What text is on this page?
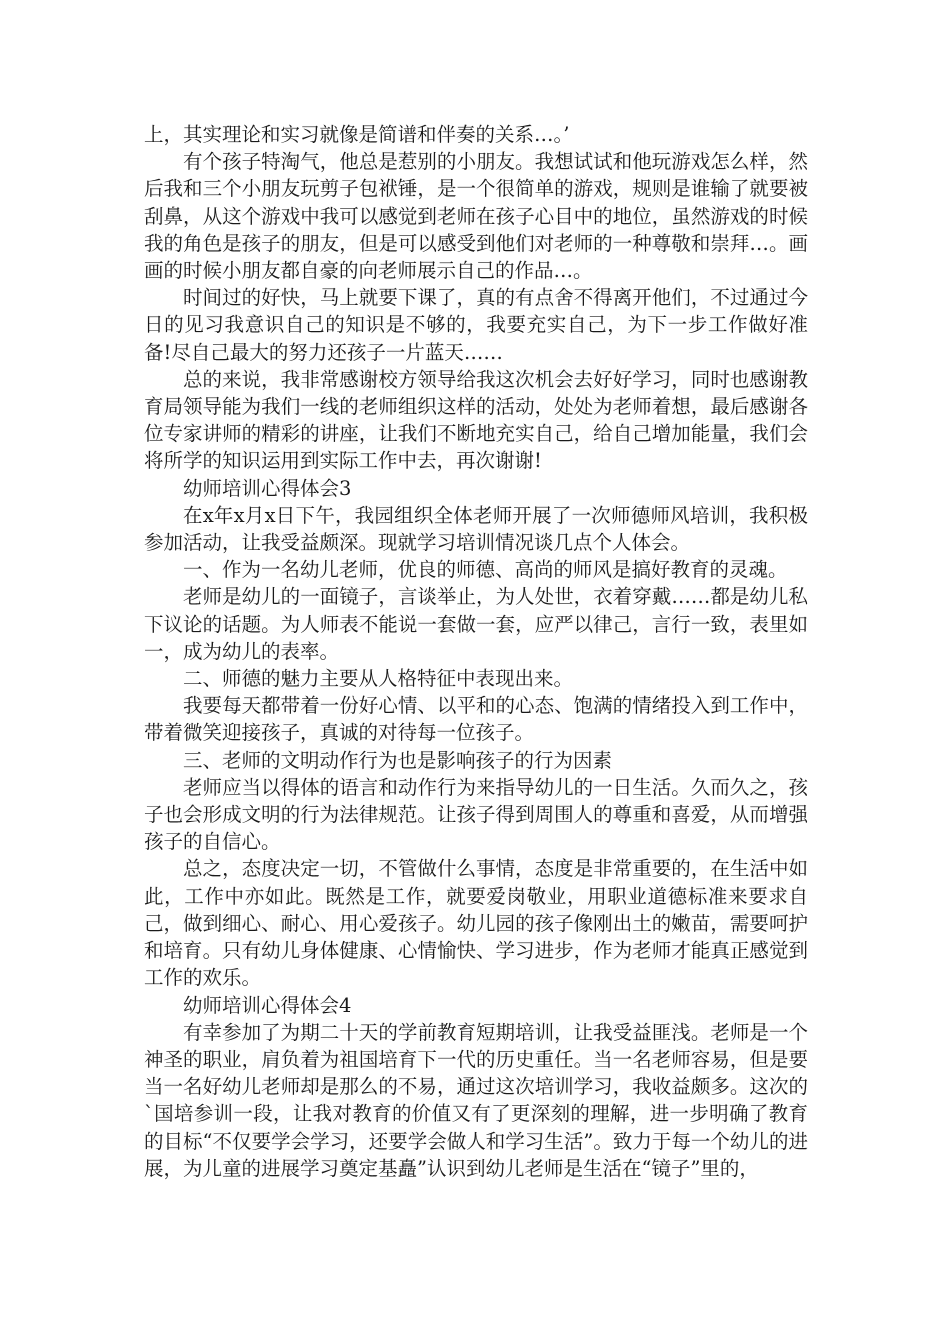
上，其实理论和实习就像是简谱和伴奏的关系…。’

有个孩子特淘气，他总是惹别的小朋友。我想试试和他玩游戏怎么样，然后我和三个小朋友玩剪子包袱锤，是一个很简单的游戏，规则是谁输了就要被刮鼻，从这个游戏中我可以感觉到老师在孩子心目中的地位，虽然游戏的时候我的角色是孩子的朋友，但是可以感受到他们对老师的一种尊敬和崇拜…。画画的时候小朋友都自豪的向老师展示自己的作品…。

时间过的好快，马上就要下课了，真的有点舍不得离开他们，不过通过今日的见习我意识自己的知识是不够的，我要充实自己，为下一步工作做好准备!尽自己最大的努力还孩子一片蓝天……

总的来说，我非常感谢校方领导给我这次机会去好好学习，同时也感谢教育局领导能为我们一线的老师组织这样的活动，处处为老师着想，最后感谢各位专家讲师的精彩的讲座，让我们不断地充实自己，给自己增加能量，我们会将所学的知识运用到实际工作中去，再次谢谢!

幼师培训心得体会3

在x年x月x日下午，我园组织全体老师开展了一次师德师风培训，我积极参加活动，让我受益颇深。现就学习培训情况谈几点个人体会。

一、作为一名幼儿老师，优良的师德、高尚的师风是搞好教育的灵魂。

老师是幼儿的一面镜子，言谈举止，为人处世，衣着穿戴……都是幼儿私下议论的话题。为人师表不能说一套做一套，应严以律己，言行一致，表里如一，成为幼儿的表率。

二、师德的魅力主要从人格特征中表现出来。

我要每天都带着一份好心情、以平和的心态、饱满的情绪投入到工作中，带着微笑迎接孩子，真诚的对待每一位孩子。

三、老师的文明动作行为也是影响孩子的行为因素

老师应当以得体的语言和动作行为来指导幼儿的一日生活。久而久之，孩子也会形成文明的行为法律规范。让孩子得到周围人的尊重和喜爱，从而增强孩子的自信心。

总之，态度决定一切，不管做什么事情，态度是非常重要的，在生活中如此，工作中亦如此。既然是工作，就要爱岗敬业，用职业道德标准来要求自己，做到细心、耐心、用心爱孩子。幼儿园的孩子像刚出土的嫩苗，需要呵护和培育。只有幼儿身体健康、心情愉快、学习进步，作为老师才能真正感觉到工作的欢乐。

幼师培训心得体会4

有幸参加了为期二十天的学前教育短期培训，让我受益匪浅。老师是一个神圣的职业，肩负着为祖国培育下一代的历史重任。当一名老师容易，但是要当一名好幼儿老师却是那么的不易，通过这次培训学习，我收益颇多。这次的`国培参训一段，让我对教育的价值又有了更深刻的理解，进一步明确了教育的目标“不仅要学会学习，还要学会做人和学习生活”。致力于每一个幼儿的进展，为儿童的进展学习奠定基矗”认识到幼儿老师是生活在“镜子”里的，
